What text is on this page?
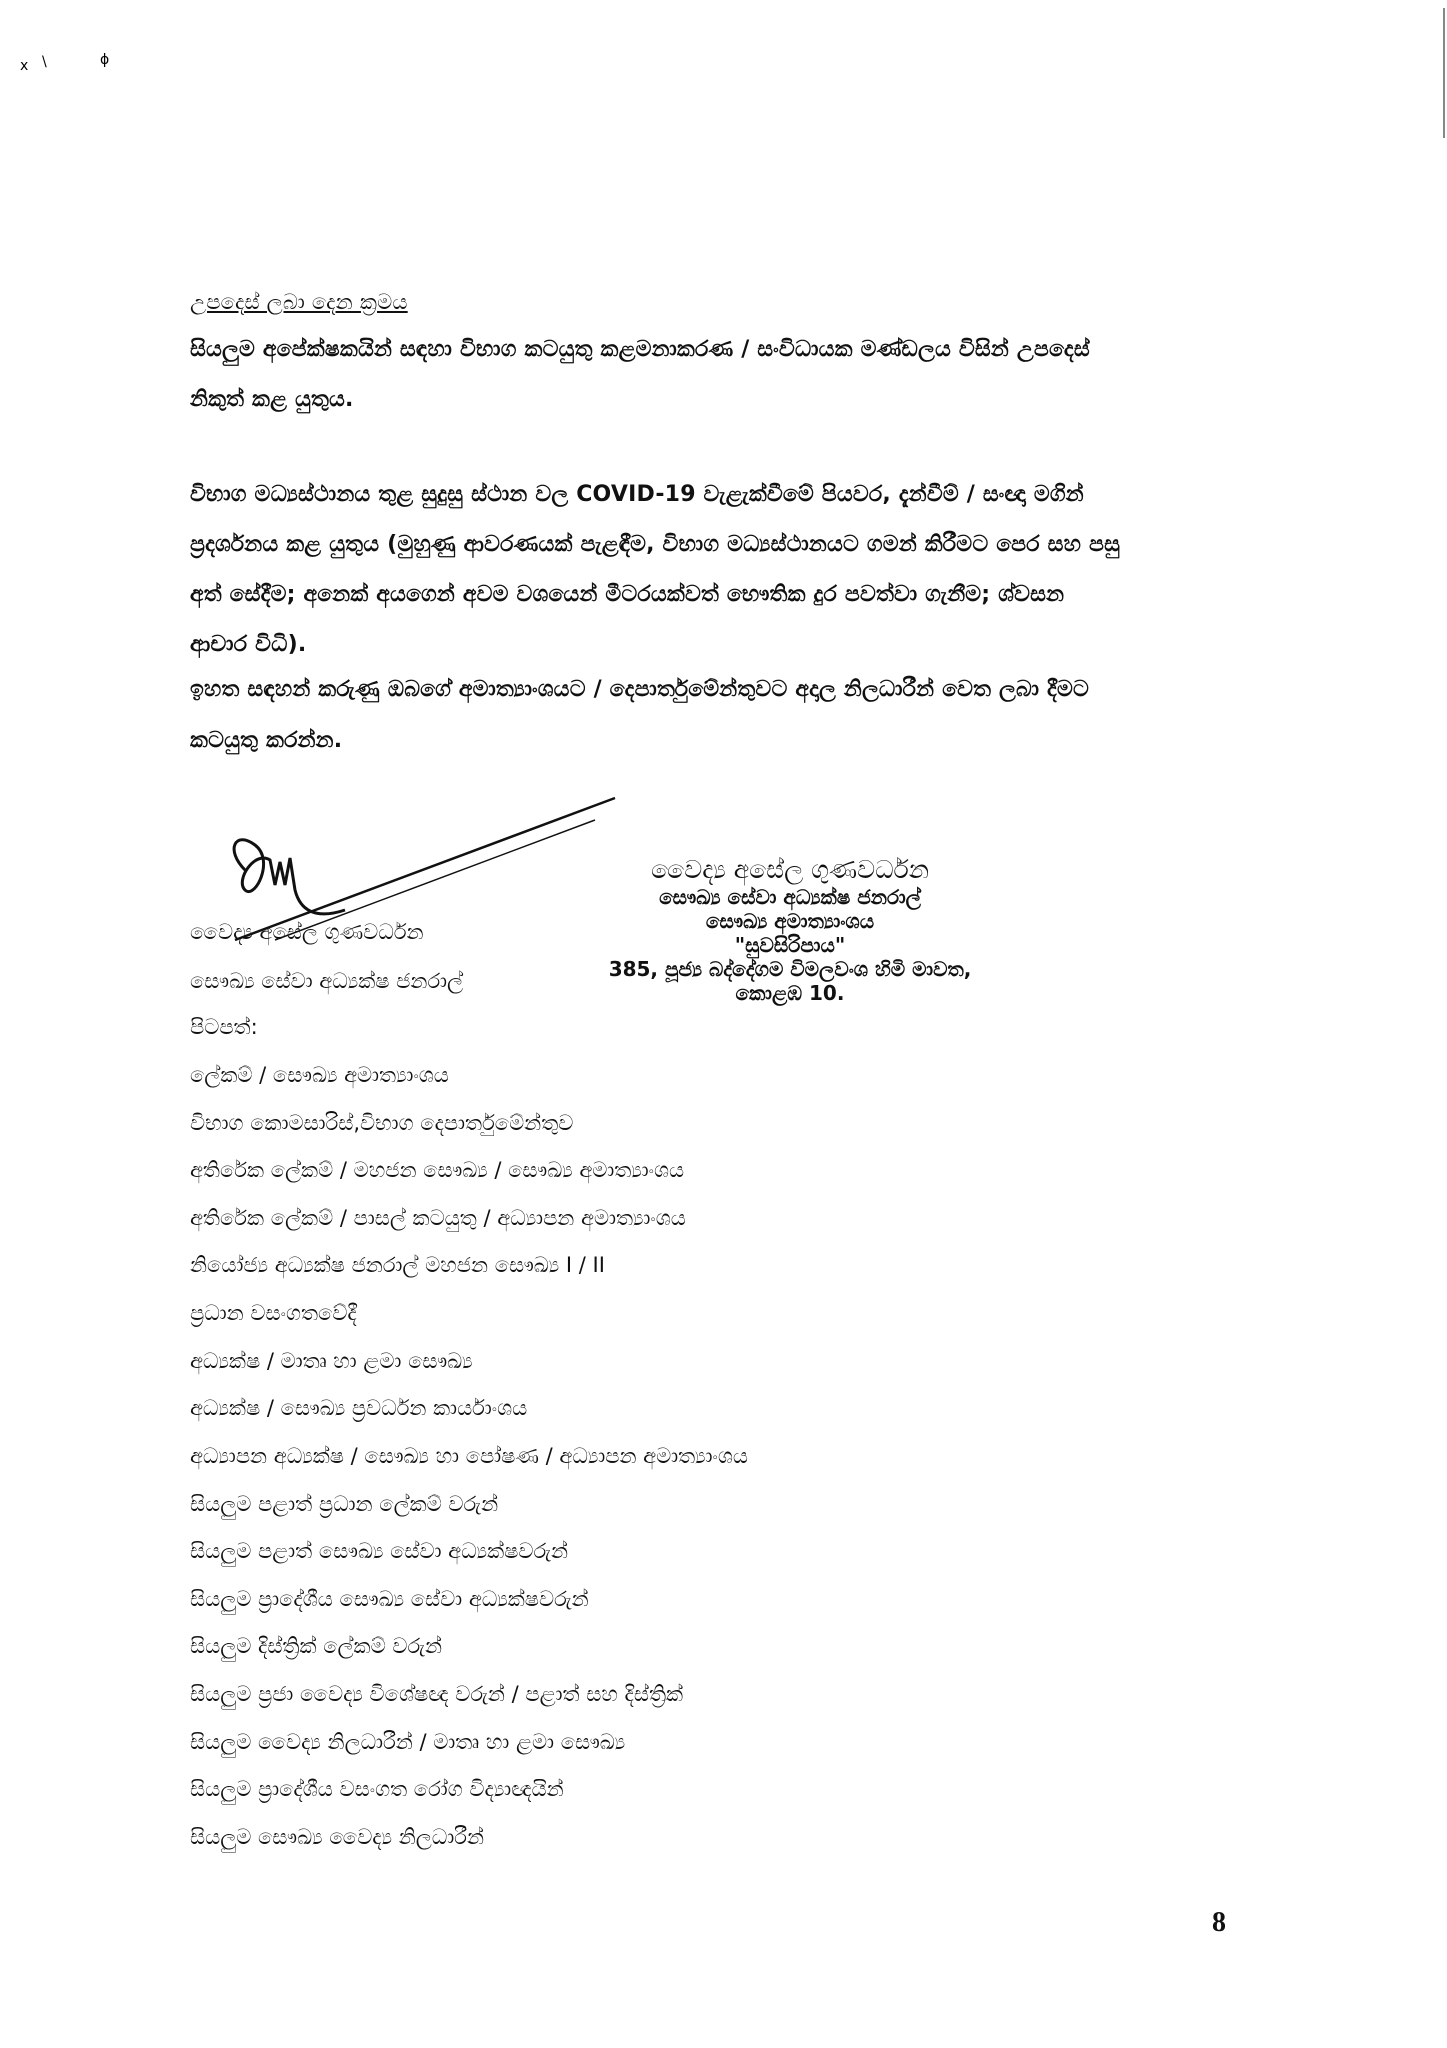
x \	ɸ
උපදෙස් ලබා දෙන ක්‍රමය
සියලුම අපේක්ෂකයින් සඳහා විභාග කටයුතු කළමනාකරණ / සංවිධායක මණ්ඩලය විසින් උපදෙස්
නිකුත් කළ යුතුය.
විභාග මධ්‍යස්ථානය තුළ සුදුසු ස්ථාන වල COVID-19 වැළැක්වීමේ පියවර, දැන්වීම් / සංඥා මගින්
ප්‍රදර්ශනය කළ යුතුය (මුහුණු ආවරණයක් පැළඳීම, විභාග මධ්‍යස්ථානයට ගමන් කිරීමට පෙර සහ පසු
අත් සේදීම; අනෙක් අයගෙන් අවම වශයෙන් මීටරයක්වත් භෞතික දුර පවත්වා ගැනීම; ශ්වසන
ආචාර විධි).
ඉහත සඳහන් කරුණු ඔබගේ අමාත්‍යාංශයට / දෙපාර්තුමේන්තුවට අදාල නිලධාරීන් වෙත ලබා දීමට
කටයුතු කරන්න.
වෛද්‍ය අසේල ගුණවර්ධන
සෞඛ්‍ය සේවා අධ්‍යක්ෂ ජනරාල්
වෛද්‍ය අසේල ගුණවර්ධන
සෞඛ්‍ය සේවා අධ්‍යක්ෂ ජනරාල්
සෞඛ්‍ය අමාත්‍යාංශය
"සුවසිරිපාය"
385, පූජ්‍ය බද්දේගම විමලවංශ හිමි මාවත,
කොළඹ 10.
පිටපත්:
ලේකම් / සෞඛ්‍ය අමාත්‍යාංශය
විභාග කොමසාරිස්,විභාග දෙපාර්තුමේන්තුව
අතිරේක ලේකම් / මහජන සෞඛ්‍ය / සෞඛ්‍ය අමාත්‍යාංශය
අතිරේක ලේකම් / පාසල් කටයුතු / අධ්‍යාපන අමාත්‍යාංශය
නියෝජ්‍ය අධ්‍යක්ෂ ජනරාල් මහජන සෞඛ්‍ය I / II
ප්‍රධාන වසංගතවේදී
අධ්‍යක්ෂ / මාතෘ හා ළමා සෞඛ්‍ය
අධ්‍යක්ෂ / සෞඛ්‍ය ප්‍රවර්ධන කාර්යාංශය
අධ්‍යාපන අධ්‍යක්ෂ / සෞඛ්‍ය හා පෝෂණ / අධ්‍යාපන අමාත්‍යාංශය
සියලුම පළාත් ප්‍රධාන ලේකම් වරුන්
සියලුම පළාත් සෞඛ්‍ය සේවා අධ්‍යක්ෂවරුන්
සියලුම ප්‍රාදේශීය සෞඛ්‍ය සේවා අධ්‍යක්ෂවරුන්
සියලුම දිස්ත්‍රික් ලේකම් වරුන්
සියලුම ප්‍රජා වෛද්‍ය විශේෂඥ වරුන් / පළාත් සහ දිස්ත්‍රික්
සියලුම වෛද්‍ය නිලධාරීන් / මාතෘ හා ළමා සෞඛ්‍ය
සියලුම ප්‍රාදේශීය වසංගත රෝග විද්‍යාඥයින්
සියලුම සෞඛ්‍ය වෛද්‍ය නිලධාරීන්
8
